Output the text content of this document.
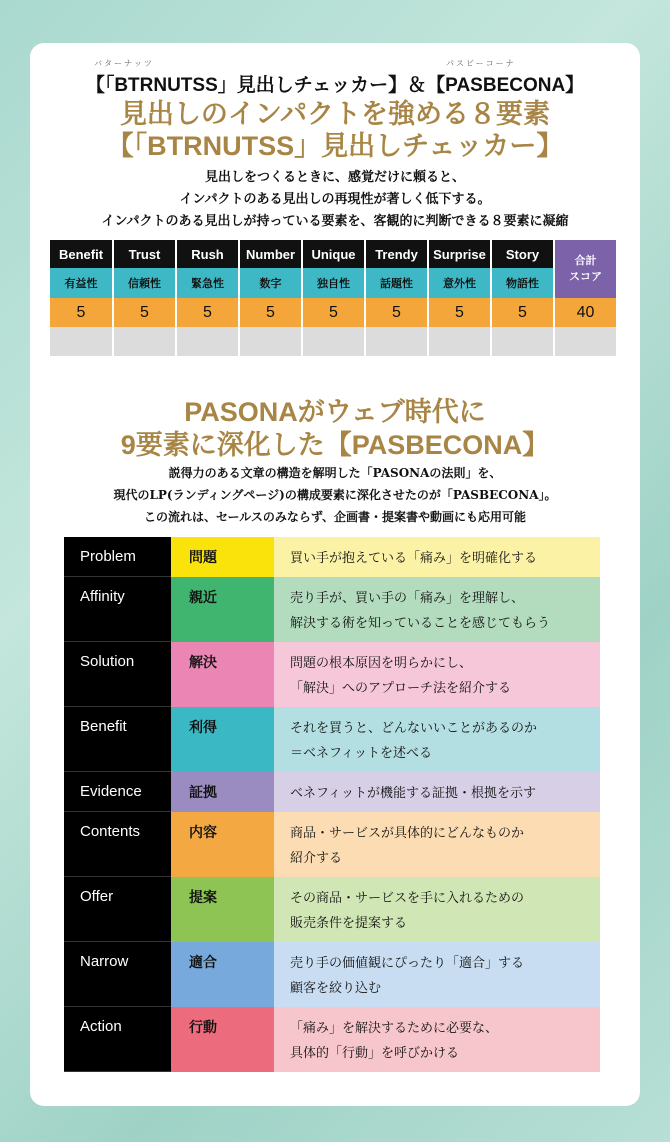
バターナッツ	パスビーコーナ
【「BTRNUTSS」見出しチェッカー】＆【PASBECONA】
見出しのインパクトを強める８要素
【「BTRNUTSS」見出しチェッカー】
見出しをつくるときに、感覚だけに頼ると、
インパクトのある見出しの再現性が著しく低下する。
インパクトのある見出しが持っている要素を、客観的に判断できる８要素に凝縮
Benefit	Trust	Rush	Number	Unique	Trendy	Surprise	Story	合計
スコア

有益性	信頼性	緊急性	数字	独自性	話題性	意外性	物語性	
5	5	5	5	5	5	5	5	40

PASONAがウェブ時代に
9要素に深化した【PASBECONA】
説得力のある文章の構造を解明した「PASONAの法則」を、
現代のLP(ランディングページ)の構成要素に深化させたのが「PASBECONA」。
この流れは、セールスのみならず、企画書・提案書や動画にも応用可能
Problem	問題	買い手が抱えている「痛み」を明確化する
Affinity	親近	売り手が、買い手の「痛み」を理解し、
解決する術を知っていることを感じてもらう
Solution	解決	問題の根本原因を明らかにし、
「解決」へのアプローチ法を紹介する
Benefit	利得	それを買うと、どんないいことがあるのか
＝ベネフィットを述べる
Evidence	証拠	ベネフィットが機能する証拠・根拠を示す
Contents	内容	商品・サービスが具体的にどんなものか
紹介する
Offer	提案	その商品・サービスを手に入れるための
販売条件を提案する
Narrow	適合	売り手の価値観にぴったり「適合」する
顧客を絞り込む
Action	行動	「痛み」を解決するために必要な、
具体的「行動」を呼びかける
